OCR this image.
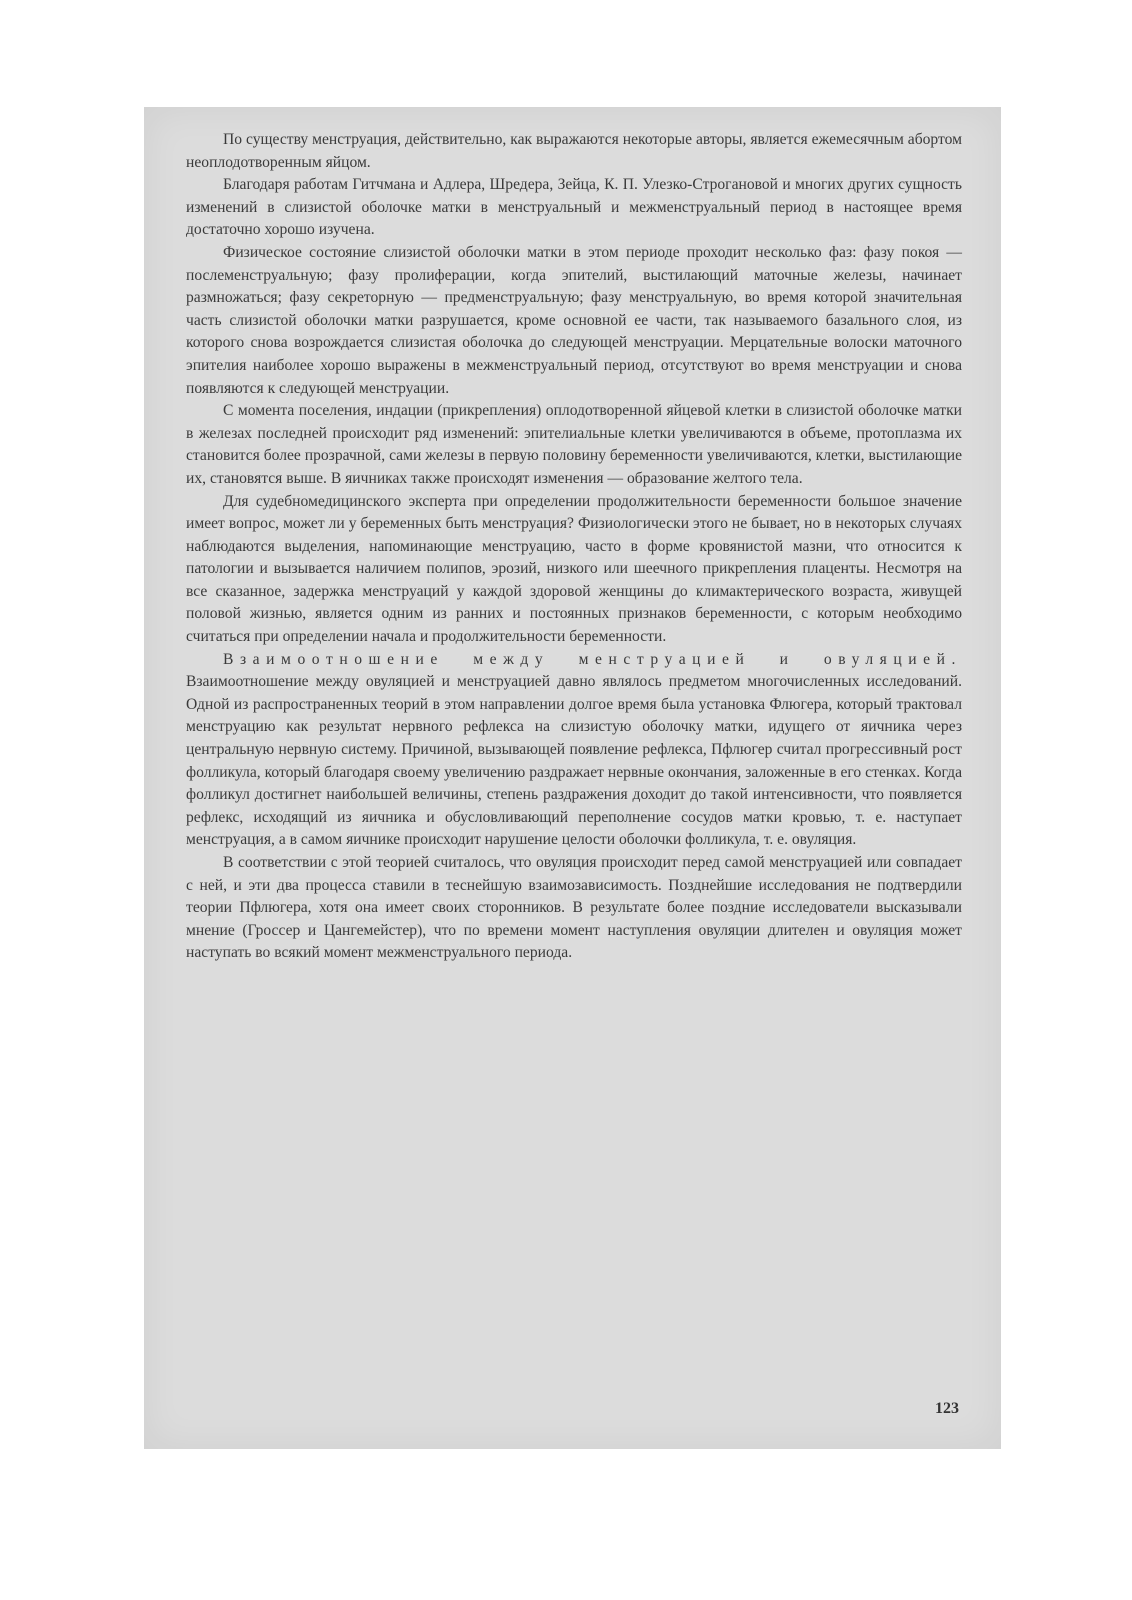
По существу менструация, действительно, как выражаются некоторые авторы, является ежемесячным абортом неоплодотворенным яйцом.

Благодаря работам Гитчмана и Адлера, Шредера, Зейца, К. П. Улезко-Строгановой и многих других сущность изменений в слизистой оболочке матки в менструальный и межменструальный период в настоящее время достаточно хорошо изучена.

Физическое состояние слизистой оболочки матки в этом периоде проходит несколько фаз: фазу покоя — послеменструальную; фазу пролиферации, когда эпителий, выстилающий маточные железы, начинает размножаться; фазу секреторную — предменструальную; фазу менструальную, во время которой значительная часть слизистой оболочки матки разрушается, кроме основной ее части, так называемого базального слоя, из которого снова возрождается слизистая оболочка до следующей менструации. Мерцательные волоски маточного эпителия наиболее хорошо выражены в межменструальный период, отсутствуют во время менструации и снова появляются к следующей менструации.

С момента поселения, индации (прикрепления) оплодотворенной яйцевой клетки в слизистой оболочке матки в железах последней происходит ряд изменений: эпителиальные клетки увеличиваются в объеме, протоплазма их становится более прозрачной, сами железы в первую половину беременности увеличиваются, клетки, выстилающие их, становятся выше. В яичниках также происходят изменения — образование желтого тела.

Для судебномедицинского эксперта при определении продолжительности беременности большое значение имеет вопрос, может ли у беременных быть менструация? Физиологически этого не бывает, но в некоторых случаях наблюдаются выделения, напоминающие менструацию, часто в форме кровянистой мазни, что относится к патологии и вызывается наличием полипов, эрозий, низкого или шеечного прикрепления плаценты. Несмотря на все сказанное, задержка менструаций у каждой здоровой женщины до климактерического возраста, живущей половой жизнью, является одним из ранних и постоянных признаков беременности, с которым необходимо считаться при определении начала и продолжительности беременности.

Взаимоотношение между менструацией и овуляцией. Взаимоотношение между овуляцией и менструацией давно являлось предметом многочисленных исследований. Одной из распространенных теорий в этом направлении долгое время была установка Флюгера, который трактовал менструацию как результат нервного рефлекса на слизистую оболочку матки, идущего от яичника через центральную нервную систему. Причиной, вызывающей появление рефлекса, Пфлюгер считал прогрессивный рост фолликула, который благодаря своему увеличению раздражает нервные окончания, заложенные в его стенках. Когда фолликул достигнет наибольшей величины, степень раздражения доходит до такой интенсивности, что появляется рефлекс, исходящий из яичника и обусловливающий переполнение сосудов матки кровью, т. е. наступает менструация, а в самом яичнике происходит нарушение целости оболочки фолликула, т. е. овуляция.

В соответствии с этой теорией считалось, что овуляция происходит перед самой менструацией или совпадает с ней, и эти два процесса ставили в теснейшую взаимозависимость. Позднейшие исследования не подтвердили теории Пфлюгера, хотя она имеет своих сторонников. В результате более поздние исследователи высказывали мнение (Гроссер и Цангемейстер), что по времени момент наступления овуляции длителен и овуляция может наступать во всякий момент межменструального периода.

123
